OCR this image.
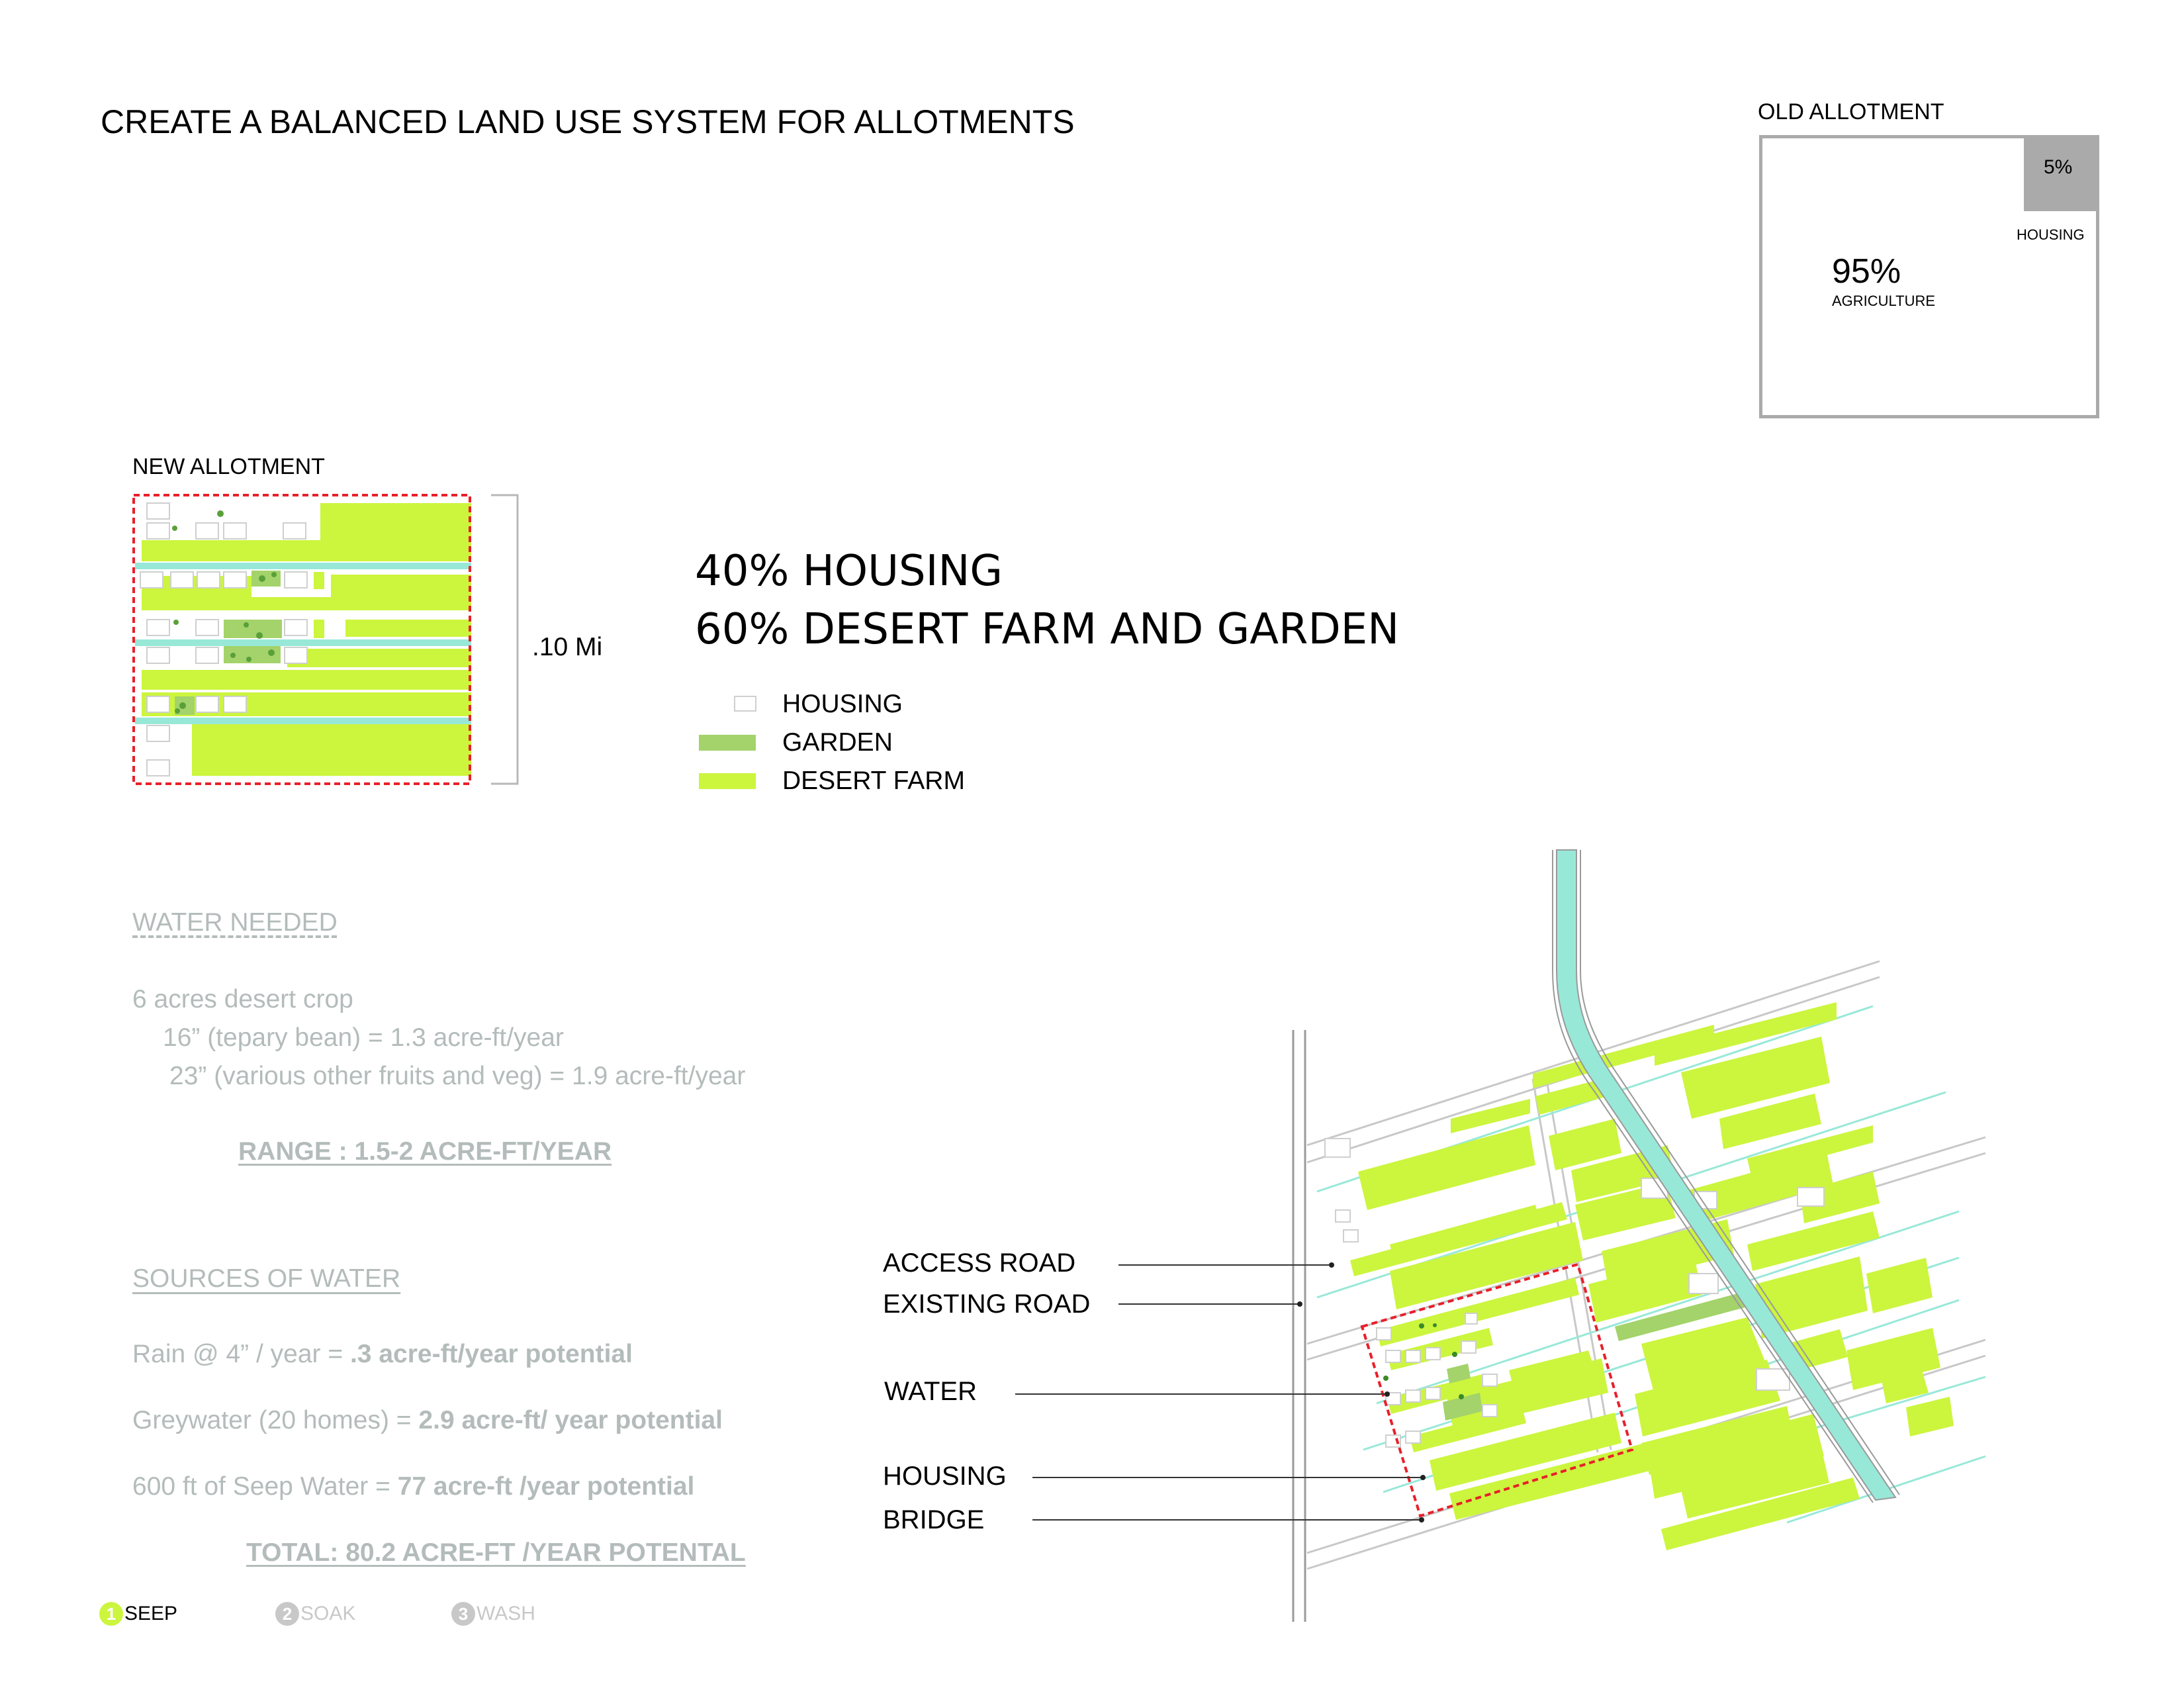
CREATE A BALANCED LAND USE SYSTEM FOR ALLOTMENTS	OLD ALLOTMENT
5%
HOUSING
95%
AGRICULTURE
NEW ALLOTMENT
.10 Mi
40% HOUSING
60% DESERT FARM AND GARDEN
HOUSING
GARDEN
DESERT FARM
WATER NEEDED
6 acres desert crop
16” (tepary bean) = 1.3 acre-ft/year
23” (various other fruits and veg) = 1.9 acre-ft/year
RANGE : 1.5-2 ACRE-FT/YEAR
SOURCES OF WATER
Rain @ 4” / year = .3 acre-ft/year potential
Greywater (20 homes) = 2.9 acre-ft/ year potential
600 ft of Seep Water = 77 acre-ft /year potential
TOTAL: 80.2 ACRE-FT /YEAR POTENTAL
ACCESS ROAD
EXISTING ROAD
WATER
HOUSING
BRIDGE
1 SEEP	2 SOAK	3 WASH
